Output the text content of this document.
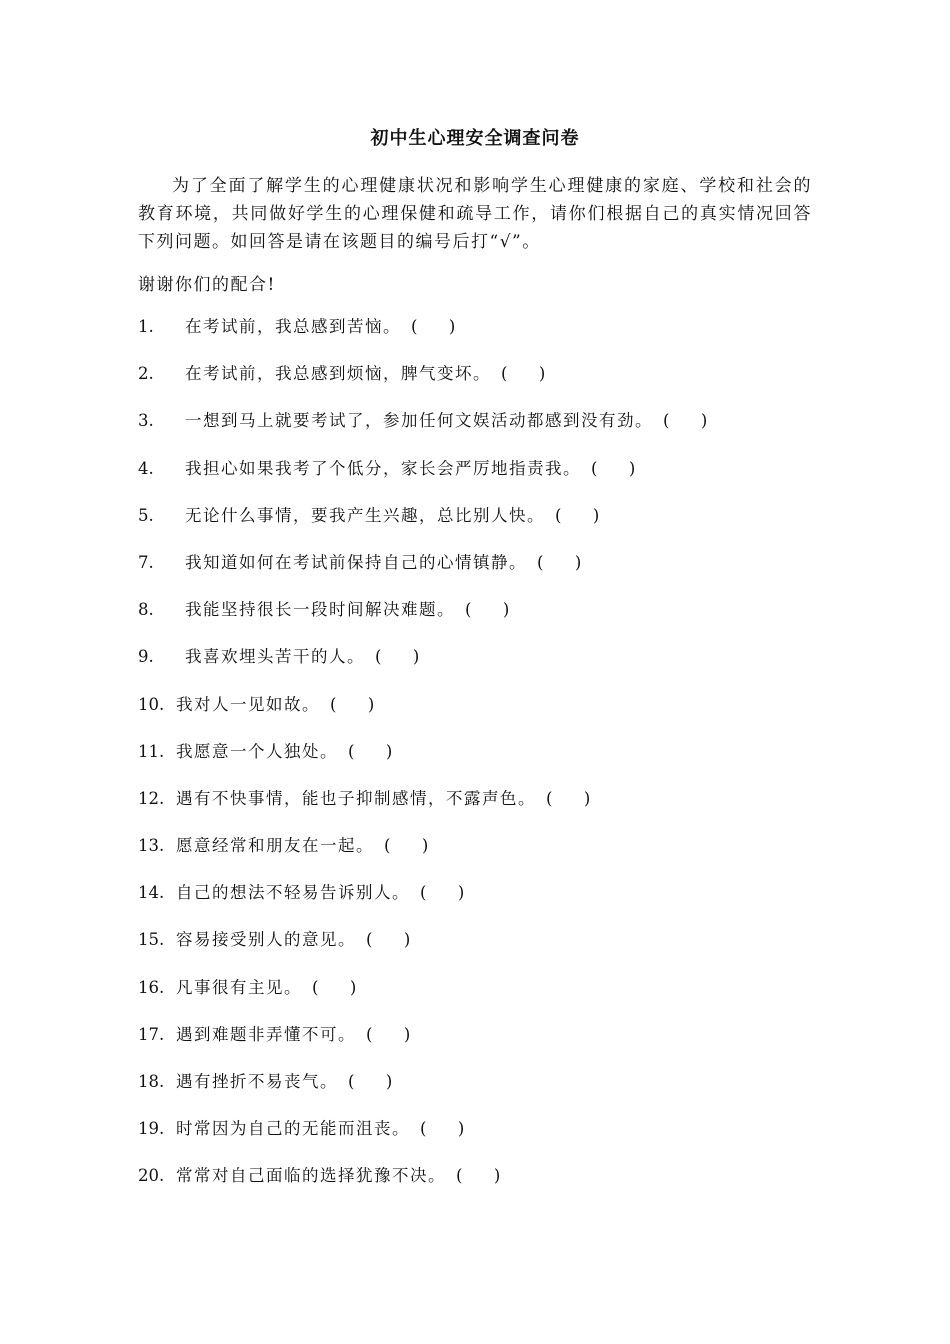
初中生心理安全调查问卷

为了全面了解学生的心理健康状况和影响学生心理健康的家庭、学校和社会的教育环境，共同做好学生的心理保健和疏导工作，请你们根据自己的真实情况回答下列问题。如回答是请在该题目的编号后打“√”。

谢谢你们的配合!
1.	在考试前，我总感到苦恼。 (      )
2.	在考试前，我总感到烦恼，脾气变坏。 (      )
3.	一想到马上就要考试了，参加任何文娱活动都感到没有劲。 (      )
4.	我担心如果我考了个低分，家长会严厉地指责我。 (      )
5.	无论什么事情，要我产生兴趣，总比别人快。 (      )
7.	我知道如何在考试前保持自己的心情镇静。 (      )
8.	我能坚持很长一段时间解决难题。 (      )
9.	我喜欢埋头苦干的人。 (      )
10. 我对人一见如故。 (      )
11. 我愿意一个人独处。 (      )
12. 遇有不快事情，能也子抑制感情，不露声色。 (      )
13. 愿意经常和朋友在一起。 (      )
14. 自己的想法不轻易告诉别人。 (      )
15. 容易接受别人的意见。 (      )
16. 凡事很有主见。 (      )
17. 遇到难题非弄懂不可。 (      )
18. 遇有挫折不易丧气。 (      )
19. 时常因为自己的无能而沮丧。 (      )
20. 常常对自己面临的选择犹豫不决。 (      )
